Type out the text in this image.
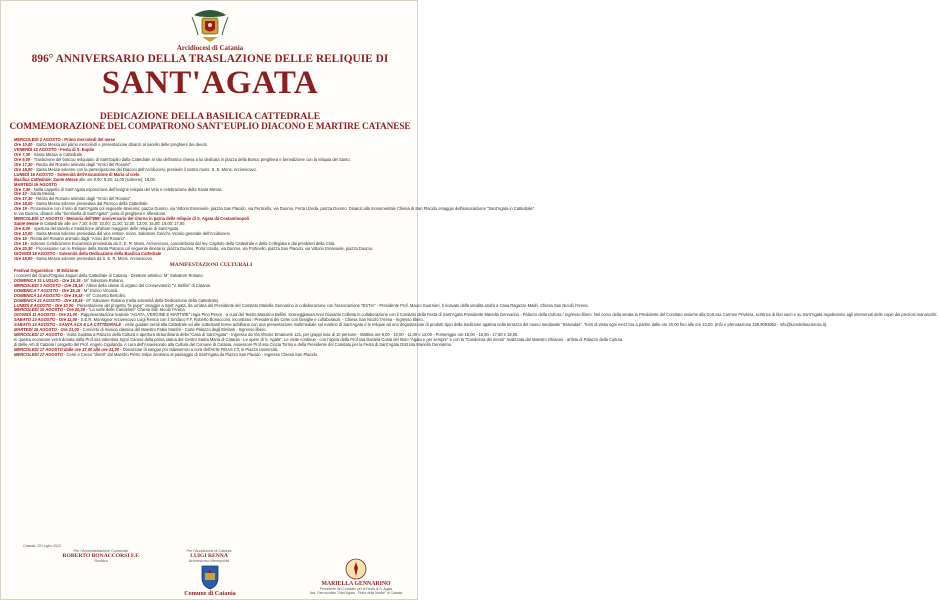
Arcidiocesi di Catania
896° ANNIVERSARIO DELLA TRASLAZIONE DELLE RELIQUIE DI
SANT'AGATA
DEDICAZIONE DELLA BASILICA CATTEDRALE
COMMEMORAZIONE DEL COMPATRONO SANT'EUPLIO DIACONO E MARTIRE CATANESE
MERCOLEDÌ 2 AGOSTO - Primo mercoledì del mese
Ore 10,00 - Santa Messa del primo mercoledì e presentazione dinanzi al sacello delle preghiere dei devoti.
VENERDÌ 12 AGOSTO - Festa di S. Euplio
Ore 7,30 - Santa Messa in Cattedrale.
Ore 9,00 - Traslazione del braccio reliquiario di Sant'Euplio dalla Cattedrale al sito dell'antica chiesa a lui dedicata in piazza della Borsa: preghiera e benedizione con la reliquia del Santo.
Ore 17,30 - Recita del Rosario animato dagli "Amici del Rosario".
Ore 18,00 - Santa Messa solenne con la partecipazione dei Diaconi dell'Arcidiocesi, presiede il nostro mons. S. E. Mons. Arcivescovo.
LUNEDÌ 15 AGOSTO - Solennità dell'Assunzione di Maria al cielo
Basilica Cattedrale: Sante Messe alle ore 8,00; 9,30; 11,00 (solenne); 18,00.
MARTEDÌ 16 AGOSTO
Ore 7,30 - Nella cappella di Sant'Agata esposizione dell'insigne reliquia del Velo e celebrazione della Santa Messa.
Ore 10 - Santa Messa.
Ore 17,30 - Recita del Rosario animato dagli "Amici del Rosario".
Ore 18,00 - Santa Messa solenne presieduta dal Parroco della Cattedrale.
Ore 19 - Processione con il Velo di Sant'Agata col seguente itinerario: piazza Duomo, via Vittorio Emanuele, piazza San Placido, via Porticello, via Duomo, Porta Uzeda, piazza Duomo. Dinanzi alla monumentale Chiesa di San Placido omaggio dell'associazione "Sant'Agata in Cattedrale".
In via Duomo, dinanzi alla "Sentinella di Sant'Agata", posa di preghiera e riflessione.
MERCOLEDÌ 17 AGOSTO - Memoria dell'896° anniversario del ritorno in patria delle reliquie di S. Agata da Costantinopoli
Sante Messe in Cattedrale alle ore 7,30; 9,00; 10,00; 11,00; 12,00; 13,00; 15,00; 16,00; 17,00.
Ore 8,00 - Apertura del sacello e traslazione all'altare maggiore delle reliquie di Sant'Agata.
Ore 10,00 - Santa Messa solenne presieduta dal vice rettore, mons. Salvatore Genchi, Vicario generale dell'Arcidiocesi.
Ore 18 - Recita del Rosario animato dagli "Amici del Rosario".
Ore 19 - Solenne Celebrazione Eucaristica presieduta da S. E. R. Mons. Arcivescovo, concelebrata dal rev. Capitolo della Cattedrale e della Collegiata e dai presbiteri della Città.
Ore 20,30 - Processione con le Reliquie della Santa Patrona col seguente itinerario: piazza Duomo, Porta Uzeda, via Duomo, via Porticello, piazza San Placido, via Vittorio Emanuele, piazza Duomo.
GIOVEDÌ 18 AGOSTO - Solennità della Dedicazione della Basilica Cattedrale
Ore 18,00 - Santa Messa solenne presieduta da S. E. R. Mons. Arcivescovo.
MANIFESTAZIONI CULTURALI
Festival Organistico - III Edizione
I concerti del Grand'Organo Jaquet della Cattedrale di Catania - Direttore artistico: M° Salvatore Rotiano.
DOMENICA 31 LUGLIO - Ore 19,15 - M° Salvatore Rotiano.
MERCOLEDÌ 3 AGOSTO - Ore 19,15 - Allievi della classe di organo del Conservatorio "V. Bellini" di Catania.
DOMENICA 7 AGOSTO - Ore 19,15 - M° Enrico Viccardi.
DOMENICA 14 AGOSTO - Ore 19,15 - M° Concetto Bertolini.
DOMENICA 21 AGOSTO - Ore 19,15 - M° Salvatore Rotiano (nella solennità della Dedicazione della Cattedrale).
LUNEDÌ 8 AGOSTO - Ore 10,00 - Presentazione del progetto "le pupe" omaggio a Sant' Agata, da un'idea del Presidente del Comitato Mariella Gennarino in collaborazione con l'associazione "ESTIA" - Presidente Prof. Mauro Guarnieri. Il ricavato della vendita andrà a Casa Ragazze Madri. Chiesa San Nicolò l'Arena.
MERCOLEDÌ 10 AGOSTO - Ore 20,30 - "La notte delle Candelore" Chiesa San Nicolò l'Arena.
GIOVEDÌ 11 AGOSTO - Ore 21,00 - Rappresentazione teatrale "AGATA, VERGINE E MARTIRE" regia Pino Pesce - a cura del Teatro Massimo Bellini. Sceneggiatura Anni Giovanni Colletta in collaborazione con il Comitato della Festa di Sant'Agata Presidente Mariella Gennarino - Palazzo della Cultura / Ingresso libero. Nel corso della serata la Presidente del Comitato insieme alla Dott.ssa Carmen Privitera, scrittrice di libri sacri e su Sant'Agata regaleranno agli intervenuti delle copie dei preziosi manoscritti.
SABATO 13 AGOSTO - Ore 11,00 - S.E.R. Monsignor Arcivescovo Luigi Renna con il Sindaco F.F. Roberto Bonaccorsi, incontrano i Presidenti dei Cerei con famiglie e collaboratori. - Chiesa San Nicolò l'Arena - Ingresso libero.
SABATO 13 AGOSTO - SANTA ACA E LA CATTEDRALE - visite guidate serali alla Cattedrale ed alle sottostanti terme achilliane con una presentazione multimediale sul martirio di Sant'Agata e le reliquie ad uno degustazione di prodotti tipici della tradizione agatina nella terrazza del nuovo mediavale "Bravadas". Turni di visita ogni mezz'ora a partire dalle ore 20,00 fino alle ore 23,00. (Info e prenotazione 329.9093962 - info@lucedellasciencia.it).
MARTEDÌ 16 AGOSTO - Ore 21,00 - Concerto di musica classica del Maestro Fabio Manfrè - Corte Palazzo degli Elefanti - Ingresso libero.
MERCOLEDÌ 17 AGOSTO - Visita Guidata a Palazzo della Cultura e apertura straordinaria della "Casa di Sant'Agata" - Ingresso da Via Vittorio Emanuele 121, per gruppi max di 10 persone - Mattina ore 9,00 - 10,00 - 11,00 e 12,00 - Pomeriggio ore 15,00 - 16,00 - 17,00 e 18,00.
In questa occasione verrà donata dalla Prof.ssa Valentina Sgroi Caruso della prima statua del Centro Santa Maria di Catania - Le opere di S. Agata". Le visite continue - con l'opera della Prof.ssa Daniela Costa del titolo "Agata e per sempre" e con la "Candelora dei devoti" realizzata dal Maestro Ghiaroni - artista di Palazzo della Cultura.
di Belle Arti di Catania / progetto del Prof. Angelo Cigolando. A cura dell'Assessorato alla Cultura del Comune di Catania, Assessore Prof.ssa Cinzia Torrisi e della Presidente del Comitato per la Festa di Sant'Agata Dott.ssa Mariella Gennarino.
MERCOLEDÌ 17 AGOSTO dalle ore 17,00 alle ore 21,00 - Donazione di sangue pro talassemici a cura dell'AVIS FIDAS CT, in Piazza Università.
MERCOLEDÌ 17 AGOSTO - Cerei e Cereo "diretti" dal Maestro Pietro Volpe rientrano al passaggio di Sant'Agata da Piazza San Placido - Ingresso Chiesa San Placido.
Catania, 25 Luglio 2022
Per l'Amministrazione Comunale
ROBERTO BONACCORSI F.F.
Sindaco
Per l'Arcidiocesi di Catania
LUIGI RENNA
Arcivescovo Metropolita
Comune di Catania
MARIELLA GENNARINO
Presidente del Comitato per la Festa di S. Agata
Ass. Parrocchiale "Sant'Agata - Festa della Madre" di Catania
